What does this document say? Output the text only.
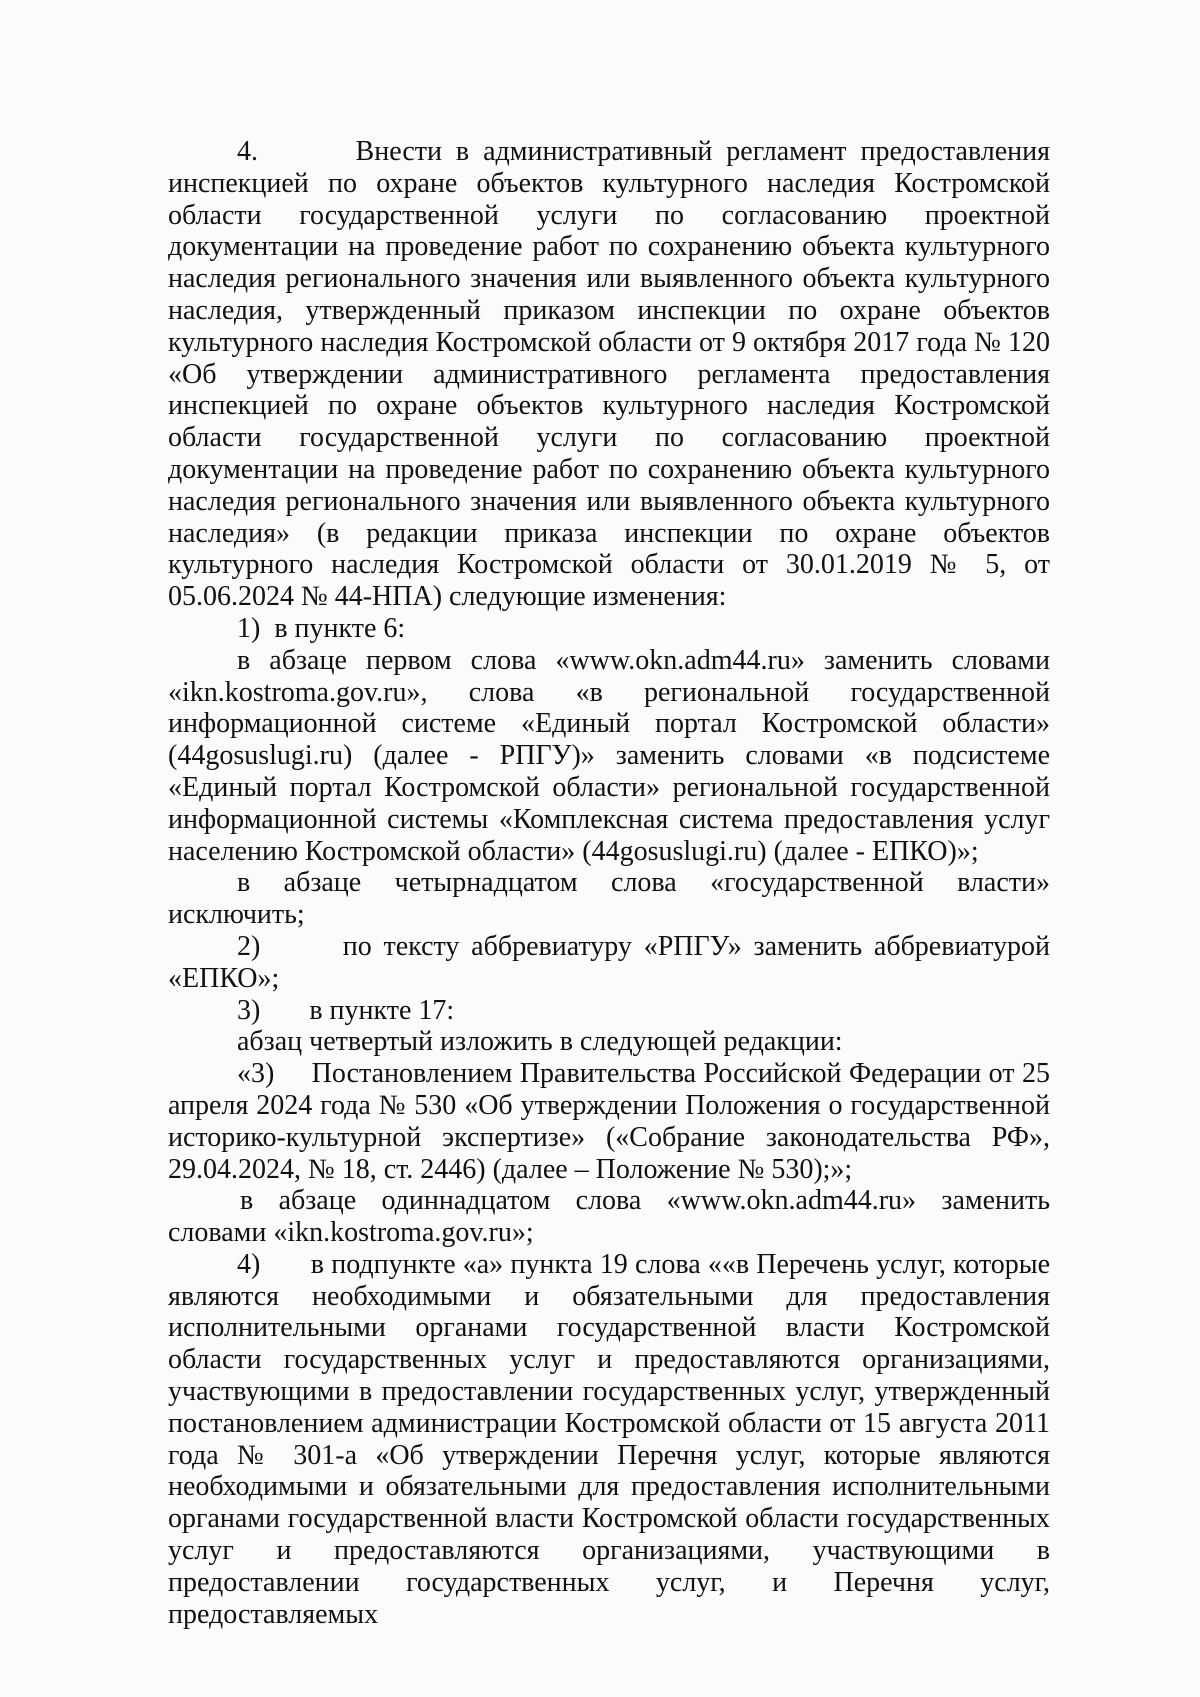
4.       Внести в административный регламент предоставления инспекцией по охране объектов культурного наследия Костромской области государственной услуги по согласованию проектной документации на проведение работ по сохранению объекта культурного наследия регионального значения или выявленного объекта культурного наследия, утвержденный приказом инспекции по охране объектов культурного наследия Костромской области от 9 октября 2017 года № 120 «Об утверждении административного регламента предоставления инспекцией по охране объектов культурного наследия Костромской области государственной услуги по согласованию проектной документации на проведение работ по сохранению объекта культурного наследия регионального значения или выявленного объекта культурного наследия» (в редакции приказа инспекции по охране объектов культурного наследия Костромской области от 30.01.2019 № 5, от 05.06.2024 № 44-НПА) следующие изменения:

1)  в пункте 6:

в абзаце первом слова «www.okn.adm44.ru» заменить словами «ikn.kostroma.gov.ru», слова «в региональной государственной информационной системе «Единый портал Костромской области» (44gosuslugi.ru) (далее - РПГУ)» заменить словами «в подсистеме «Единый портал Костромской области» региональной государственной информационной системы «Комплексная система предоставления услуг населению Костромской области» (44gosuslugi.ru) (далее - ЕПКО)»;

в абзаце четырнадцатом слова «государственной власти» исключить;

2)       по тексту аббревиатуру «РПГУ» заменить аббревиатурой «ЕПКО»;

3)       в пункте 17:

абзац четвертый изложить в следующей редакции:

«3)     Постановлением Правительства Российской Федерации от 25 апреля 2024 года № 530 «Об утверждении Положения о государственной историко-культурной экспертизе» («Собрание законодательства РФ», 29.04.2024, № 18, ст. 2446) (далее – Положение № 530);»;

в абзаце одиннадцатом слова «www.okn.adm44.ru» заменить словами «ikn.kostroma.gov.ru»;

4)       в подпункте «а» пункта 19 слова ««в Перечень услуг, которые являются необходимыми и обязательными для предоставления исполнительными органами государственной власти Костромской области государственных услуг и предоставляются организациями, участвующими в предоставлении государственных услуг, утвержденный постановлением администрации Костромской области от 15 августа 2011 года № 301-а «Об утверждении Перечня услуг, которые являются необходимыми и обязательными для предоставления исполнительными органами государственной власти Костромской области государственных услуг и предоставляются организациями, участвующими в предоставлении государственных услуг, и Перечня услуг, предоставляемых
